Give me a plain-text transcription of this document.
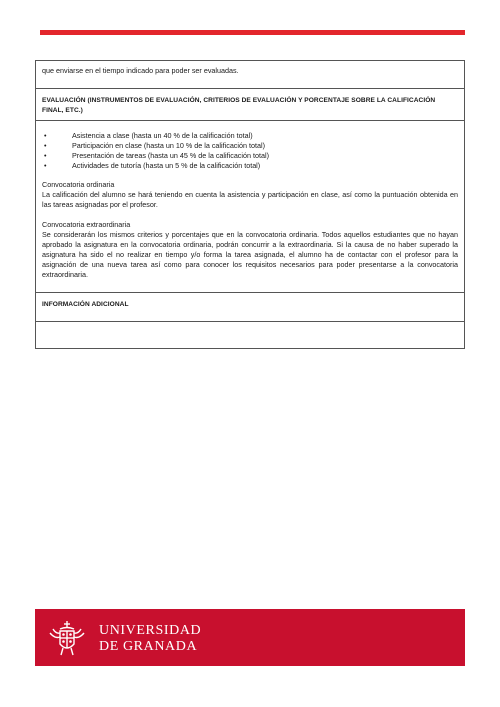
que enviarse en el tiempo indicado para poder ser evaluadas.
EVALUACIÓN (INSTRUMENTOS DE EVALUACIÓN, CRITERIOS DE EVALUACIÓN Y PORCENTAJE SOBRE LA CALIFICACIÓN FINAL, ETC.)

•	Asistencia a clase (hasta un 40 % de la calificación total)
•	Participación en clase (hasta un 10 % de la calificación total)
•	Presentación de tareas (hasta un 45 % de la calificación total)
•	Actividades de tutoría (hasta un 5 % de la calificación total)

Convocatoria ordinaria

La calificación del alumno se hará teniendo en cuenta la asistencia y participación en clase, así como la puntuación obtenida en las tareas asignadas por el profesor.

Convocatoria extraordinaria

Se considerarán los mismos criterios y porcentajes que en la convocatoria ordinaria. Todos aquellos estudiantes que no hayan aprobado la asignatura en la convocatoria ordinaria, podrán concurrir a la extraordinaria. Si la causa de no haber superado la asignatura ha sido el no realizar en tiempo y/o forma la tarea asignada, el alumno ha de contactar con el profesor para la asignación de una nueva tarea así como para conocer los requisitos necesarios para poder presentarse a la convocatoria extraordinaria.

INFORMACIÓN ADICIONAL

UNIVERSIDAD
DE GRANADA
